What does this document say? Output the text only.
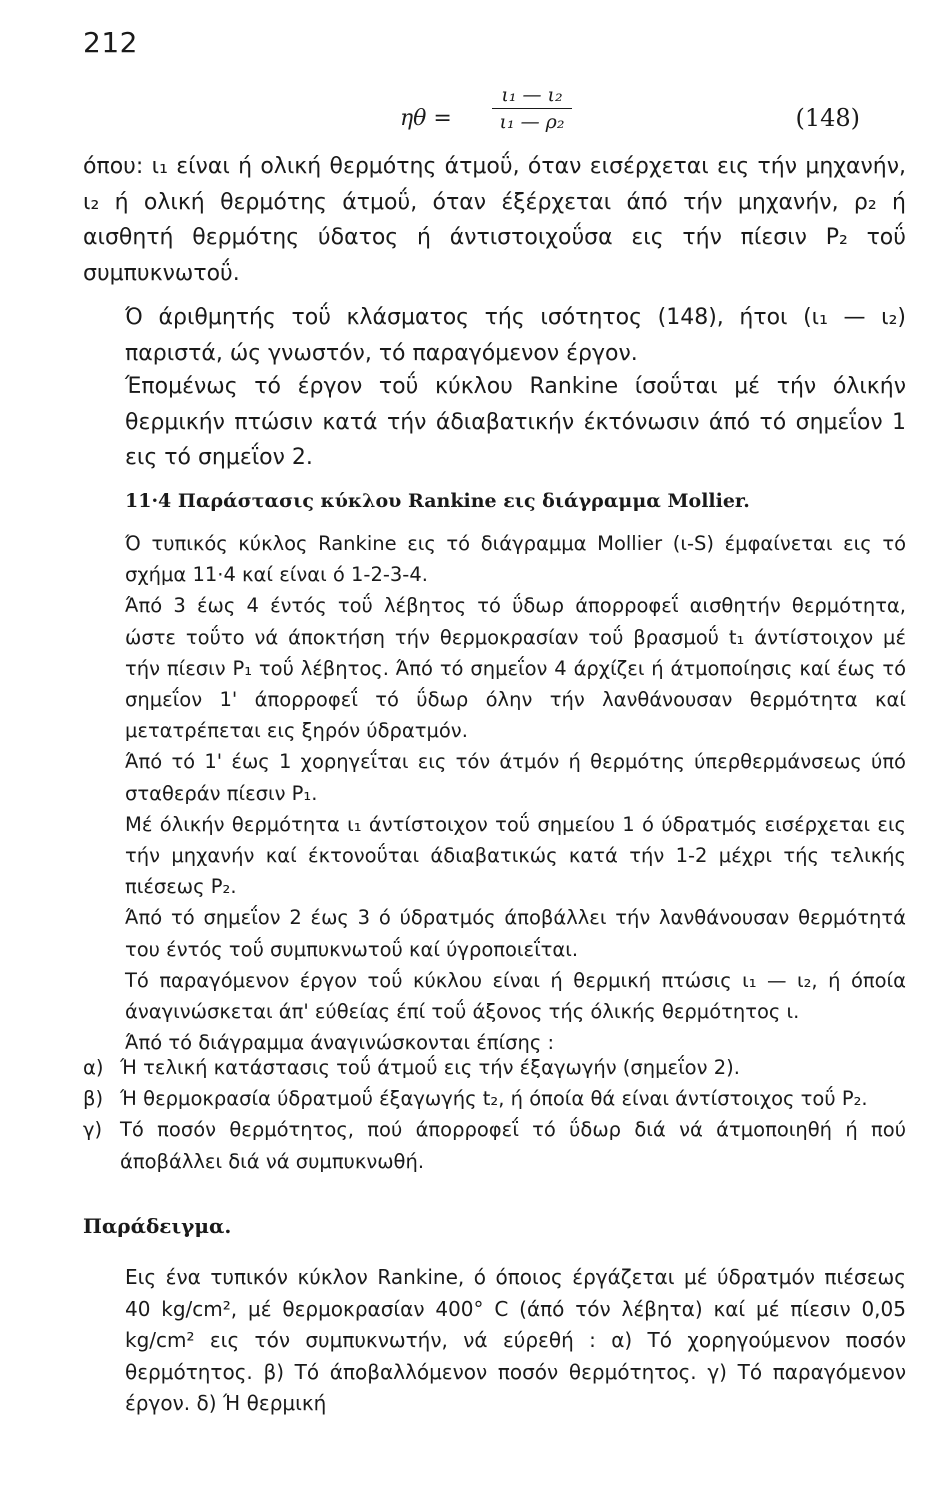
212
$\eta\theta = \frac{\text{ι₁ — ι₂}}{\text{ι₁ — ρ₂}}$	(148)
όπου: ι₁ είναι ή ολική θερμότης άτμοΰ, όταν εισέρχεται εις τήν μηχανήν, ι₂ ή ολική θερμότης άτμοΰ, όταν έξέρχεται άπό τήν μηχανήν, ρ₂ ή αισθητή θερμότης ύδατος ή άντιστοιχοΰσα εις τήν πίεσιν P₂ τοΰ συμπυκνωτοΰ.
Ό άριθμητής τοΰ κλάσματος τής ισότητος (148), ήτοι (ι₁ — ι₂) παριστά, ώς γνωστόν, τό παραγόμενον έργον.
Έπομένως τό έργον τοΰ κύκλου Rankine ίσοΰται μέ τήν όλικήν θερμικήν πτώσιν κατά τήν άδιαβατικήν έκτόνωσιν άπό τό σημεΐον 1 εις τό σημεΐον 2.
11·4 Παράστασις κύκλου Rankine εις διάγραμμα Mollier.
Ό τυπικός κύκλος Rankine εις τό διάγραμμα Mollier (ι-S) έμφαίνεται εις τό σχήμα 11·4 καί είναι ό 1-2-3-4.
Άπό 3 έως 4 έντός τοΰ λέβητος τό ΰδωρ άπορροφεΐ αισθητήν θερμότητα, ώστε τοΰτο νά άποκτήση τήν θερμοκρασίαν τοΰ βρασμοΰ t₁ άντίστοιχον μέ τήν πίεσιν P₁ τοΰ λέβητος. Άπό τό σημεΐον 4 άρχίζει ή άτμοποίησις καί έως τό σημεΐον 1' άπορροφεΐ τό ΰδωρ όλην τήν λανθάνουσαν θερμότητα καί μετατρέπεται εις ξηρόν ύδρατμόν.
Άπό τό 1' έως 1 χορηγεΐται εις τόν άτμόν ή θερμότης ύπερθερμάνσεως ύπό σταθεράν πίεσιν P₁.
Μέ όλικήν θερμότητα ι₁ άντίστοιχον τοΰ σημείου 1 ό ύδρατμός εισέρχεται εις τήν μηχανήν καί έκτονοΰται άδιαβατικώς κατά τήν 1-2 μέχρι τής τελικής πιέσεως P₂.
Άπό τό σημεΐον 2 έως 3 ό ύδρατμός άποβάλλει τήν λανθάνουσαν θερμότητά του έντός τοΰ συμπυκνωτοΰ καί ύγροποιεΐται.
Τό παραγόμενον έργον τοΰ κύκλου είναι ή θερμική πτώσις ι₁ — ι₂, ή όποία άναγινώσκεται άπ' εύθείας έπί τοΰ άξονος τής όλικής θερμότητος ι.
Άπό τό διάγραμμα άναγινώσκονται έπίσης :
α) Ή τελική κατάστασις τοΰ άτμοΰ εις τήν έξαγωγήν (σημεΐον 2).
β) Ή θερμοκρασία ύδρατμοΰ έξαγωγής t₂, ή όποία θά είναι άντίστοιχος τοΰ P₂.
γ) Τό ποσόν θερμότητος, πού άπορροφεΐ τό ΰδωρ διά νά άτμοποιηθή ή πού άποβάλλει διά νά συμπυκνωθή.
Παράδειγμα.
Εις ένα τυπικόν κύκλον Rankine, ό όποιος έργάζεται μέ ύδρατμόν πιέσεως 40 kg/cm², μέ θερμοκρασίαν 400° C (άπό τόν λέβητα) καί μέ πίεσιν 0,05 kg/cm² εις τόν συμπυκνωτήν, νά εύρεθή : α) Τό χορηγούμενον ποσόν θερμότητος. β) Τό άποβαλλόμενον ποσόν θερμότητος. γ) Τό παραγόμενον έργον. δ) Ή θερμική
